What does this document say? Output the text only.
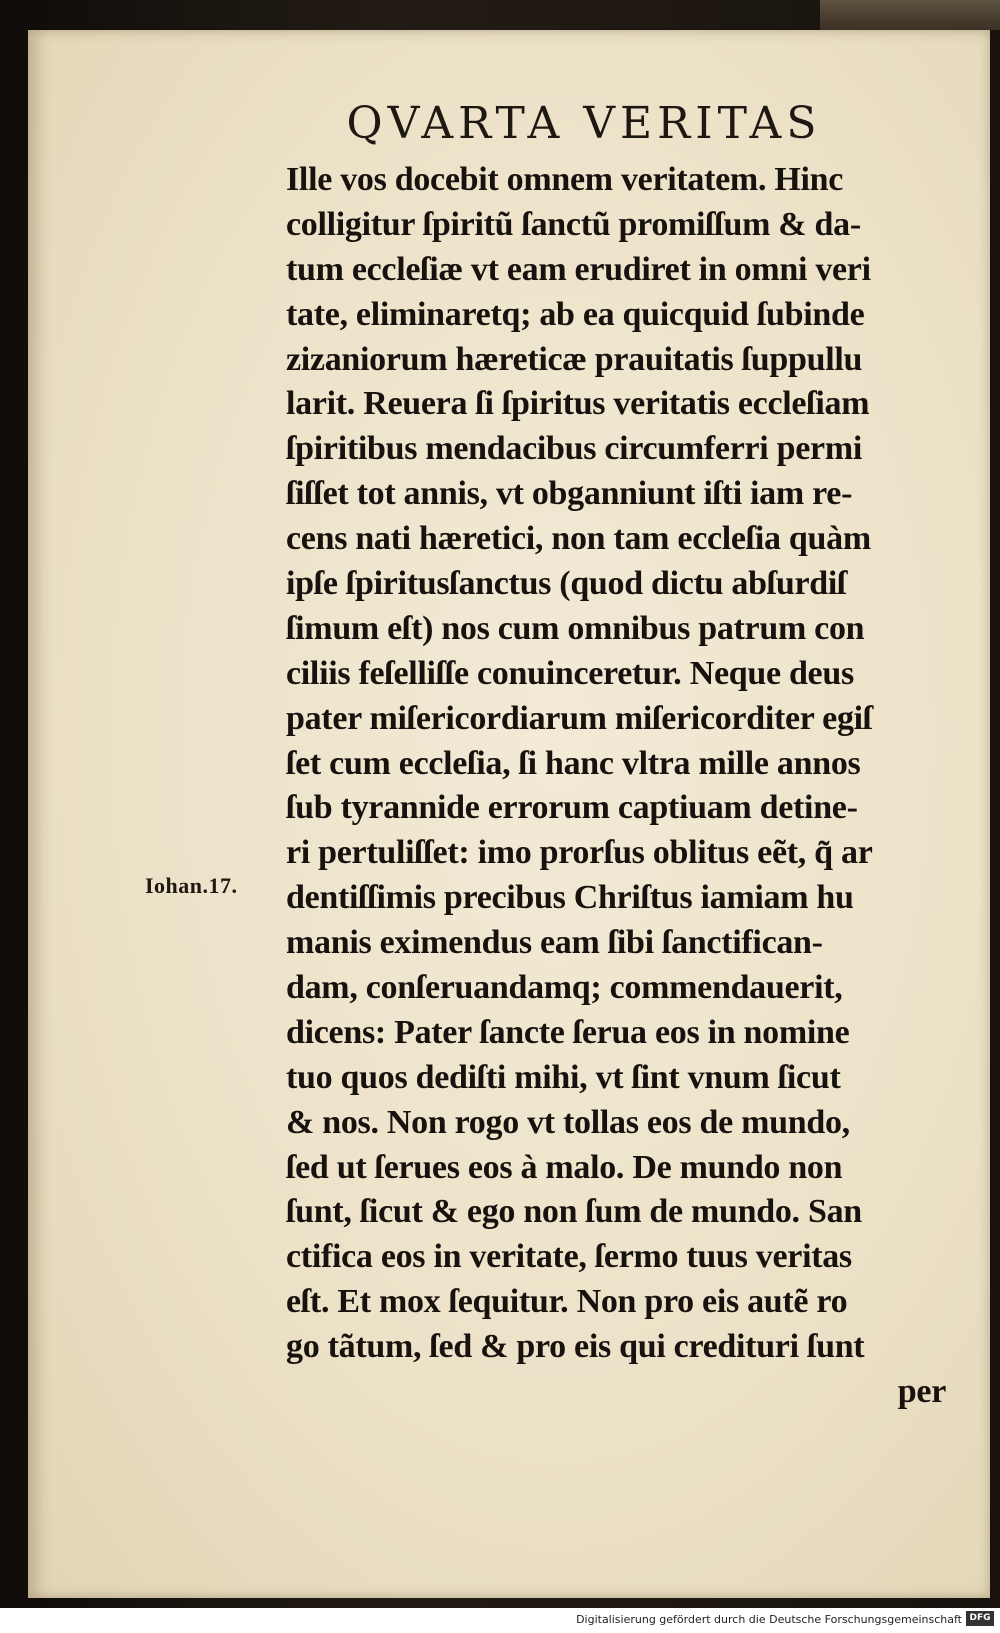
QVARTA VERITAS
Iohan.17.
Ille vos docebit omnem veritatem. Hinc
colligitur ſpiritũ ſanctũ promiſſum & da-
tum eccleſiæ vt eam erudiret in omni veri
tate, eliminaretq; ab ea quicquid ſubinde
zizaniorum hæreticæ prauitatis ſuppullu
larit. Reuera ſi ſpiritus veritatis eccleſiam
ſpiritibus mendacibus circumferri permi
ſiſſet tot annis, vt obganniunt iſti iam re-
cens nati hæretici, non tam eccleſia quàm
ipſe ſpiritusſanctus (quod dictu abſurdiſ
ſimum eſt) nos cum omnibus patrum con
ciliis feſelliſſe conuinceretur. Neque deus
pater miſericordiarum miſericorditer egiſ
ſet cum eccleſia, ſi hanc vltra mille annos
ſub tyrannide errorum captiuam detine-
ri pertuliſſet: imo prorſus oblitus eẽt, q̃ ar
dentiſſimis precibus Chriſtus iamiam hu
manis eximendus eam ſibi ſanctifican-
dam, conſeruandamq; commendauerit,
dicens: Pater ſancte ſerua eos in nomine
tuo quos dediſti mihi, vt ſint vnum ſicut
& nos. Non rogo vt tollas eos de mundo,
ſed ut ſerues eos à malo. De mundo non
ſunt, ſicut & ego non ſum de mundo. San
ctifica eos in veritate, ſermo tuus veritas
eſt. Et mox ſequitur. Non pro eis autẽ ro
go tãtum, ſed & pro eis qui credituri ſunt
per
Digitalisierung gefördert durch die Deutsche Forschungsgemeinschaft DFG
